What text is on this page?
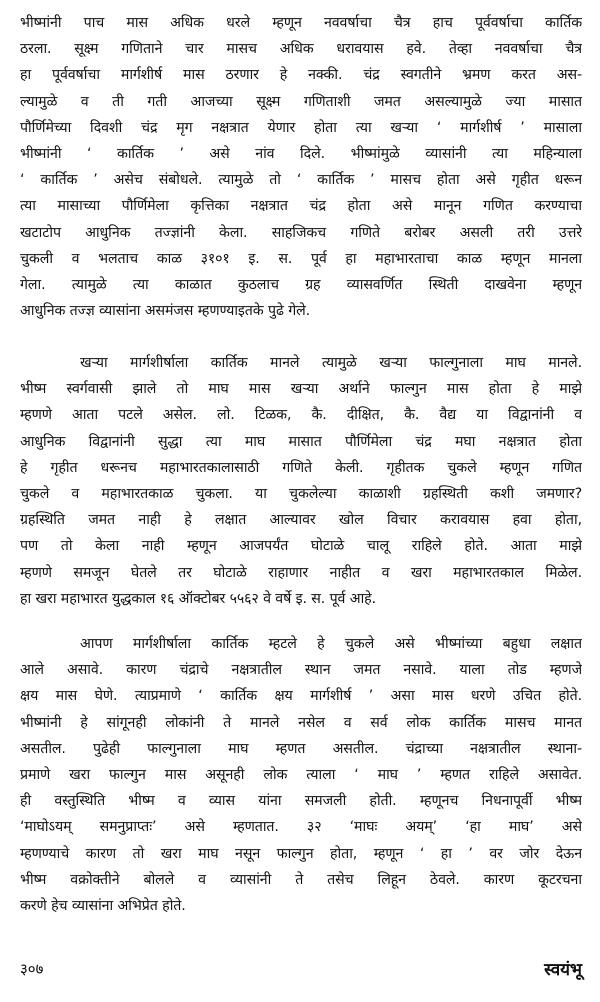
भीष्मांनी पाच मास अधिक धरले म्हणून नववर्षाचा चैत्र हाच पूर्ववर्षाचा कार्तिक
ठरला. सूक्ष्म गणिताने चार मासच अधिक धरावयास हवे. तेव्हा नववर्षाचा चैत्र
हा पूर्ववर्षाचा मार्गशीर्ष मास ठरणार हे नक्की. चंद्र स्वगतीने भ्रमण करत अस-
ल्यामुळे व ती गती आजच्या सूक्ष्म गणिताशी जमत असल्यामुळे ज्या मासात
पौर्णिमेच्या दिवशी चंद्र मृग नक्षत्रात येणार होता त्या खऱ्या ‘ मार्गशीर्ष ’ मासाला
भीष्मांनी ‘ कार्तिक ’ असे नांव दिले. भीष्मांमुळे व्यासांनी त्या महिन्याला
‘ कार्तिक ’ असेच संबोधले. त्यामुळे तो ‘ कार्तिक ’ मासच होता असे गृहीत धरून
त्या मासाच्या पौर्णिमेला कृत्तिका नक्षत्रात चंद्र होता असे मानून गणित करण्याचा
खटाटोप आधुनिक तज्ज्ञांनी केला. साहजिकच गणिते बरोबर असली तरी उत्तरे
चुकली व भलताच काळ ३१०१ इ. स. पूर्व हा महाभारताचा काळ म्हणून मानला
गेला. त्यामुळे त्या काळात कुठलाच ग्रह व्यासवर्णित स्थिती दाखवेना म्हणून
आधुनिक तज्ज्ञ व्यासांना असमंजस म्हणण्याइतके पुढे गेले.
खऱ्या मार्गशीर्षाला कार्तिक मानले त्यामुळे खऱ्या फाल्गुनाला माघ मानले.
भीष्म स्वर्गवासी झाले तो माघ मास खऱ्या अर्थाने फाल्गुन मास होता हे माझे
म्हणणे आता पटले असेल. लो. टिळक, कै. दीक्षित, कै. वैद्य या विद्वानांनी व
आधुनिक विद्वानांनी सुद्धा त्या माघ मासात पौर्णिमेला चंद्र मघा नक्षत्रात होता
हे गृहीत धरूनच महाभारतकालासाठी गणिते केली. गृहीतक चुकले म्हणून गणित
चुकले व महाभारतकाळ चुकला. या चुकलेल्या काळाशी ग्रहस्थिती कशी जमणार?
ग्रहस्थिति जमत नाही हे लक्षात आल्यावर खोल विचार करावयास हवा होता,
पण तो केला नाही म्हणून आजपर्यंत घोटाळे चालू राहिले होते. आता माझे
म्हणणे समजून घेतले तर घोटाळे राहाणार नाहीत व खरा महाभारतकाल मिळेल.
हा खरा महाभारत युद्धकाल १६ ऑक्टोबर ५५६२ वे वर्षे इ. स. पूर्व आहे.
आपण मार्गशीर्षाला कार्तिक म्हटले हे चुकले असे भीष्मांच्या बहुधा लक्षात
आले असावे. कारण चंद्राचे नक्षत्रातील स्थान जमत नसावे. याला तोड म्हणजे
क्षय मास घेणे. त्याप्रमाणे ‘ कार्तिक क्षय मार्गशीर्ष ’ असा मास धरणे उचित होते.
भीष्मांनी हे सांगूनही लोकांनी ते मानले नसेल व सर्व लोक कार्तिक मासच मानत
असतील. पुढेही फाल्गुनाला माघ म्हणत असतील. चंद्राच्या नक्षत्रातील स्थाना-
प्रमाणे खरा फाल्गुन मास असूनही लोक त्याला ‘ माघ ’ म्हणत राहिले असावेत.
ही वस्तुस्थिति भीष्म व व्यास यांना समजली होती. म्हणूनच निधनापूर्वी भीष्म
‘माघोऽयम् समनुप्राप्तः’ असे म्हणतात. ३२ ‘माघः अयम्’ ‘हा माघ’ असे
म्हणण्याचे कारण तो खरा माघ नसून फाल्गुन होता, म्हणून ‘ हा ’ वर जोर देऊन
भीष्म वक्रोक्तीने बोलले व व्यासांनी ते तसेच लिहून ठेवले. कारण कूटरचना
करणे हेच व्यासांना अभिप्रेत होते.
३०७	स्वयंभू
